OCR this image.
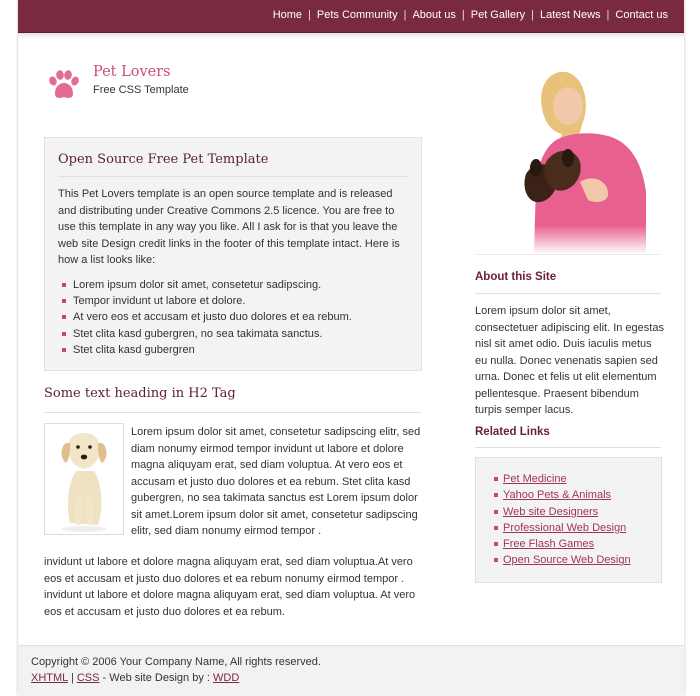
Home | Pets Community | About us | Pet Gallery | Latest News | Contact us
Pet Lovers
Free CSS Template
Open Source Free Pet Template
This Pet Lovers template is an open source template and is released and distributing under Creative Commons 2.5 licence. You are free to use this template in any way you like. All I ask for is that you leave the web site Design credit links in the footer of this template intact. Here is how a list looks like:
Lorem ipsum dolor sit amet, consetetur sadipscing.
Tempor invidunt ut labore et dolore.
At vero eos et accusam et justo duo dolores et ea rebum.
Stet clita kasd gubergren, no sea takimata sanctus.
Stet clita kasd gubergren
Some text heading in H2 Tag
Lorem ipsum dolor sit amet, consetetur sadipscing elitr, sed diam nonumy eirmod tempor invidunt ut labore et dolore magna aliquyam erat, sed diam voluptua. At vero eos et accusam et justo duo dolores et ea rebum. Stet clita kasd gubergren, no sea takimata sanctus est Lorem ipsum dolor sit amet.Lorem ipsum dolor sit amet, consetetur sadipscing elitr, sed diam nonumy eirmod tempor .
invidunt ut labore et dolore magna aliquyam erat, sed diam voluptua.At vero eos et accusam et justo duo dolores et ea rebum nonumy eirmod tempor . invidunt ut labore et dolore magna aliquyam erat, sed diam voluptua. At vero eos et accusam et justo duo dolores et ea rebum.
About this Site
Lorem ipsum dolor sit amet, consectetuer adipiscing elit. In egestas nisl sit amet odio. Duis iaculis metus eu nulla. Donec venenatis sapien sed urna. Donec et felis ut elit elementum pellentesque. Praesent bibendum turpis semper lacus.
Related Links
Pet Medicine
Yahoo Pets & Animals
Web site Designers
Professional Web Design
Free Flash Games
Open Source Web Design
Copyright © 2006 Your Company Name, All rights reserved.
XHTML | CSS - Web site Design by : WDD
